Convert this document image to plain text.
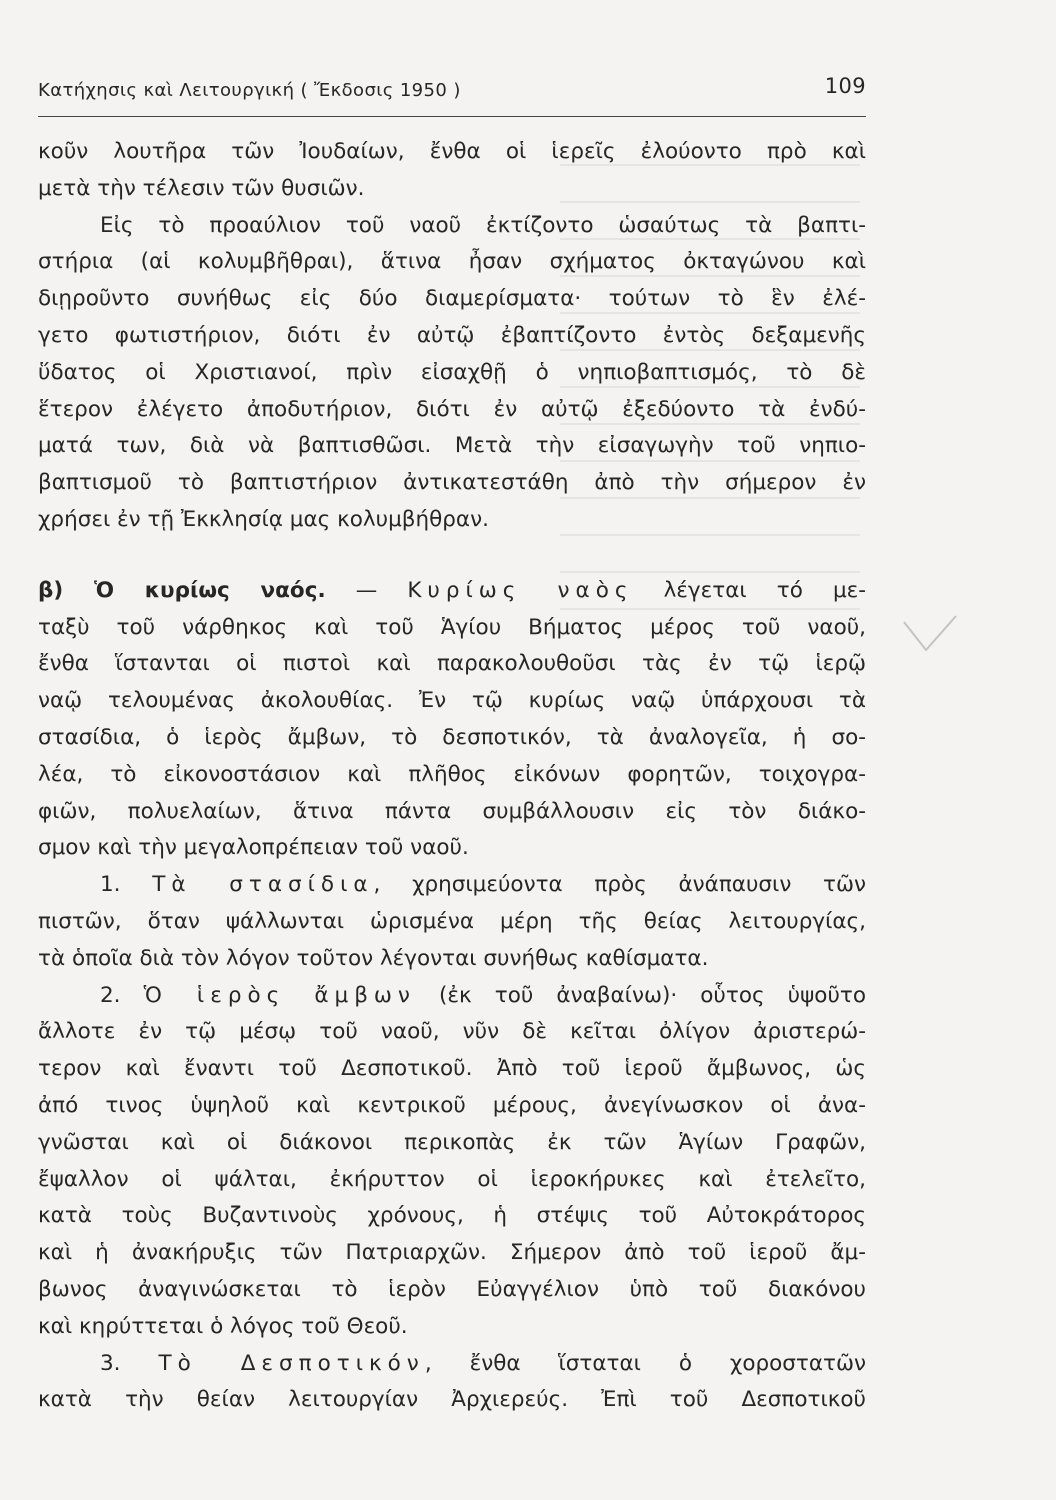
Κατήχησις καὶ Λειτουργική ( Ἔκδοσις 1950 )	109
κοῦν λουτῆρα τῶν Ἰουδαίων, ἔνθα οἱ ἱερεῖς ἐλούοντο πρὸ καὶ
μετὰ τὴν τέλεσιν τῶν θυσιῶν.
Εἰς τὸ προαύλιον τοῦ ναοῦ ἐκτίζοντο ὡσαύτως τὰ βαπτι-
στήρια (αἱ κολυμβῆθραι), ἅτινα ἦσαν σχήματος ὀκταγώνου καὶ
διῃροῦντο συνήθως εἰς δύο διαμερίσματα· τούτων τὸ ἓν ἐλέ-
γετο φωτιστήριον, διότι ἐν αὐτῷ ἐβαπτίζοντο ἐντὸς δεξαμενῆς
ὕδατος οἱ Χριστιανοί, πρὶν εἰσαχθῇ ὁ νηπιοβαπτισμός, τὸ δὲ
ἕτερον ἐλέγετο ἀποδυτήριον, διότι ἐν αὐτῷ ἐξεδύοντο τὰ ἐνδύ-
ματά των, διὰ νὰ βαπτισθῶσι. Μετὰ τὴν εἰσαγωγὴν τοῦ νηπιο-
βαπτισμοῦ τὸ βαπτιστήριον ἀντικατεστάθη ἀπὸ τὴν σήμερον ἐν
χρήσει ἐν τῇ Ἐκκλησίᾳ μας κολυμβήθραν.
β) Ὁ κυρίως ναός. — Κυρίως ναὸς λέγεται τό με-
ταξὺ τοῦ νάρθηκος καὶ τοῦ Ἁγίου Βήματος μέρος τοῦ ναοῦ,
ἔνθα ἵστανται οἱ πιστοὶ καὶ παρακολουθοῦσι τὰς ἐν τῷ ἱερῷ
ναῷ τελουμένας ἀκολουθίας. Ἐν τῷ κυρίως ναῷ ὑπάρχουσι τὰ
στασίδια, ὁ ἱερὸς ἄμβων, τὸ δεσποτικόν, τὰ ἀναλογεῖα, ἡ σο-
λέα, τὸ εἰκονοστάσιον καὶ πλῆθος εἰκόνων φορητῶν, τοιχογρα-
φιῶν, πολυελαίων, ἅτινα πάντα συμβάλλουσιν εἰς τὸν διάκο-
σμον καὶ τὴν μεγαλοπρέπειαν τοῦ ναοῦ.
1. Τὰ στασίδια, χρησιμεύοντα πρὸς ἀνάπαυσιν τῶν
πιστῶν, ὅταν ψάλλωνται ὡρισμένα μέρη τῆς θείας λειτουργίας,
τὰ ὁποῖα διὰ τὸν λόγον τοῦτον λέγονται συνήθως καθίσματα.
2. Ὁ ἱερὸς ἄμβων (ἐκ τοῦ ἀναβαίνω)· οὗτος ὑψοῦτο
ἄλλοτε ἐν τῷ μέσῳ τοῦ ναοῦ, νῦν δὲ κεῖται ὀλίγον ἀριστερώ-
τερον καὶ ἔναντι τοῦ Δεσποτικοῦ. Ἀπὸ τοῦ ἱεροῦ ἄμβωνος, ὡς
ἀπό τινος ὑψηλοῦ καὶ κεντρικοῦ μέρους, ἀνεγίνωσκον οἱ ἀνα-
γνῶσται καὶ οἱ διάκονοι περικοπὰς ἐκ τῶν Ἁγίων Γραφῶν,
ἔψαλλον οἱ ψάλται, ἐκήρυττον οἱ ἱεροκήρυκες καὶ ἐτελεῖτο,
κατὰ τοὺς Βυζαντινοὺς χρόνους, ἡ στέψις τοῦ Αὐτοκράτορος
καὶ ἡ ἀνακήρυξις τῶν Πατριαρχῶν. Σήμερον ἀπὸ τοῦ ἱεροῦ ἄμ-
βωνος ἀναγινώσκεται τὸ ἱερὸν Εὐαγγέλιον ὑπὸ τοῦ διακόνου
καὶ κηρύττεται ὁ λόγος τοῦ Θεοῦ.
3. Τὸ Δεσποτικόν, ἔνθα ἵσταται ὁ χοροστατῶν
κατὰ τὴν θείαν λειτουργίαν Ἀρχιερεύς. Ἐπὶ τοῦ Δεσποτικοῦ
